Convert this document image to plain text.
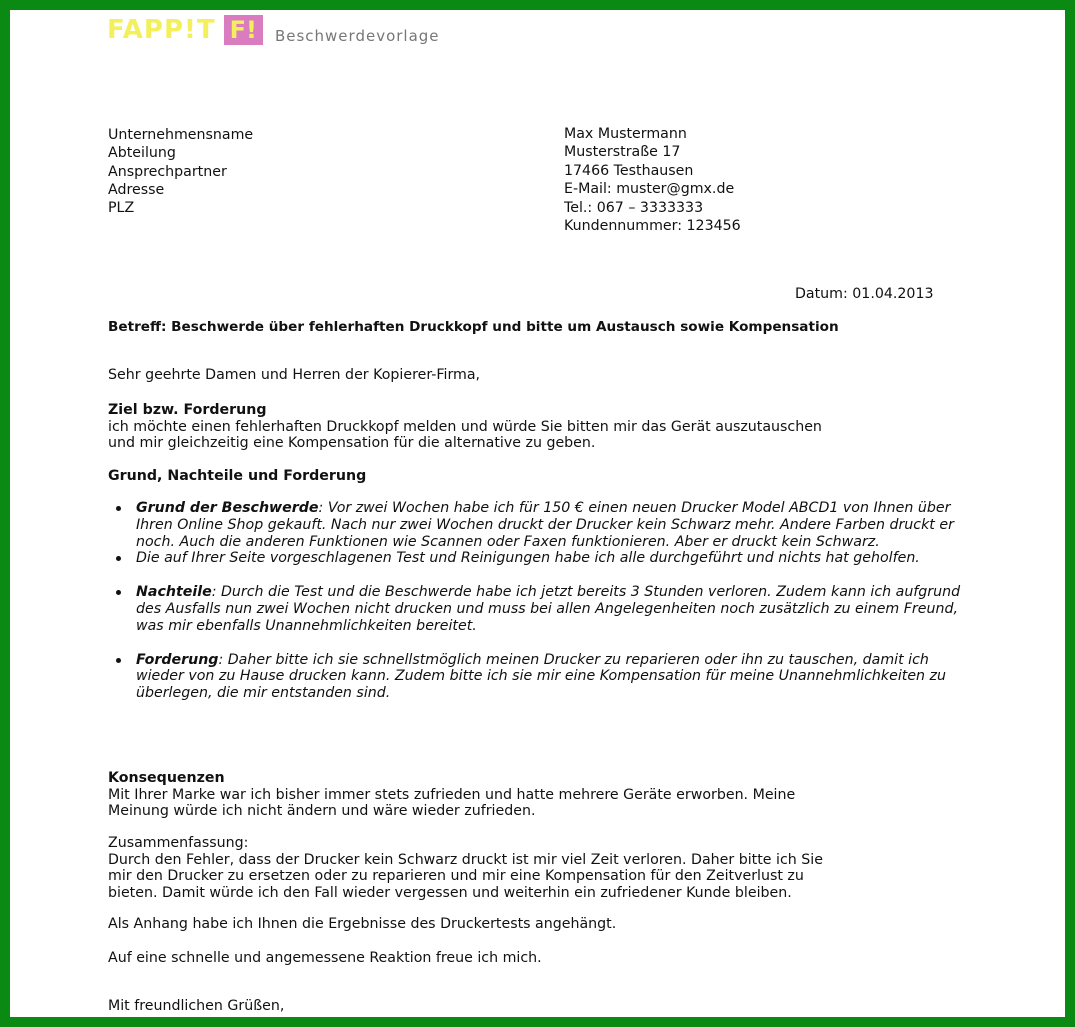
FAPP!T F!	Beschwerdevorlage
Unternehmensname
Abteilung
Ansprechpartner
Adresse
PLZ
Max Mustermann
Musterstraße 17
17466 Testhausen
E-Mail: muster@gmx.de
Tel.: 067 – 3333333
Kundennummer: 123456
Datum: 01.04.2013
Betreff: Beschwerde über fehlerhaften Druckkopf und bitte um Austausch sowie Kompensation
Sehr geehrte Damen und Herren der Kopierer-Firma,
Ziel bzw. Forderung
ich möchte einen fehlerhaften Druckkopf melden und würde Sie bitten mir das Gerät auszutauschen
und mir gleichzeitig eine Kompensation für die alternative zu geben.
Grund, Nachteile und Forderung
Grund der Beschwerde: Vor zwei Wochen habe ich für 150 € einen neuen Drucker Model ABCD1 von Ihnen über Ihren Online Shop gekauft. Nach nur zwei Wochen druckt der Drucker kein Schwarz mehr. Andere Farben druckt er noch. Auch die anderen Funktionen wie Scannen oder Faxen funktionieren. Aber er druckt kein Schwarz.
Die auf Ihrer Seite vorgeschlagenen Test und Reinigungen habe ich alle durchgeführt und nichts hat geholfen.
Nachteile: Durch die Test und die Beschwerde habe ich jetzt bereits 3 Stunden verloren. Zudem kann ich aufgrund des Ausfalls nun zwei Wochen nicht drucken und muss bei allen Angelegenheiten noch zusätzlich zu einem Freund, was mir ebenfalls Unannehmlichkeiten bereitet.
Forderung: Daher bitte ich sie schnellstmöglich meinen Drucker zu reparieren oder ihn zu tauschen, damit ich wieder von zu Hause drucken kann. Zudem bitte ich sie mir eine Kompensation für meine Unannehmlichkeiten zu überlegen, die mir entstanden sind.
Konsequenzen
Mit Ihrer Marke war ich bisher immer stets zufrieden und hatte mehrere Geräte erworben. Meine
Meinung würde ich nicht ändern und wäre wieder zufrieden.
Zusammenfassung:
Durch den Fehler, dass der Drucker kein Schwarz druckt ist mir viel Zeit verloren. Daher bitte ich Sie
mir den Drucker zu ersetzen oder zu reparieren und mir eine Kompensation für den Zeitverlust zu
bieten. Damit würde ich den Fall wieder vergessen und weiterhin ein zufriedener Kunde bleiben.
Als Anhang habe ich Ihnen die Ergebnisse des Druckertests angehängt.
Auf eine schnelle und angemessene Reaktion freue ich mich.
Mit freundlichen Grüßen,
